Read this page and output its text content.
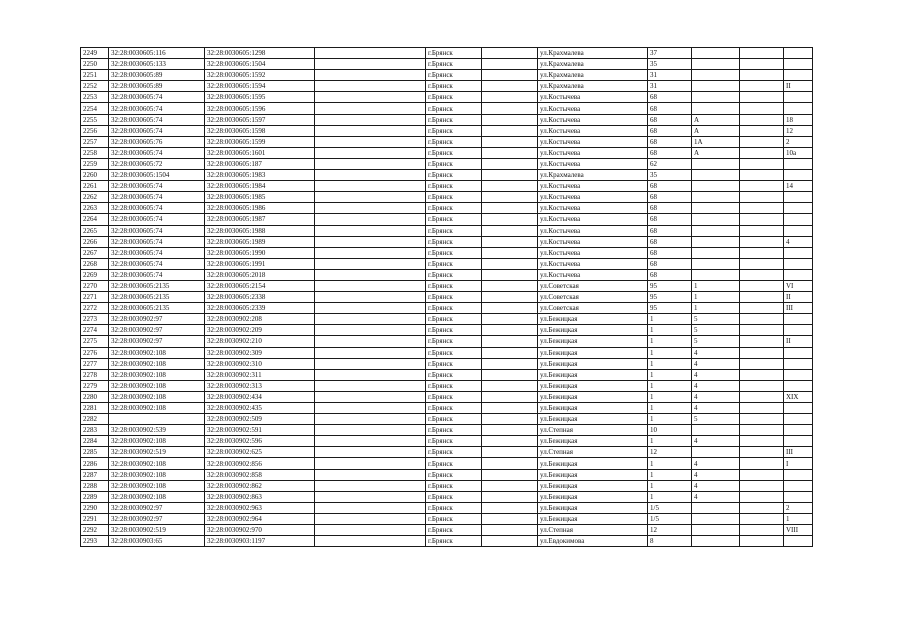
2249	32:28:0030605:116	32:28:0030605:1298		г.Брянск		ул.Крахмалева	37			
2250	32:28:0030605:133	32:28:0030605:1504		г.Брянск		ул.Крахмалева	35			
2251	32:28:0030605:89	32:28:0030605:1592		г.Брянск		ул.Крахмалева	31			
2252	32:28:0030605:89	32:28:0030605:1594		г.Брянск		ул.Крахмалева	31			II
2253	32:28:0030605:74	32:28:0030605:1595		г.Брянск		ул.Костычева	68			
2254	32:28:0030605:74	32:28:0030605:1596		г.Брянск		ул.Костычева	68			
2255	32:28:0030605:74	32:28:0030605:1597		г.Брянск		ул.Костычева	68	А		18
2256	32:28:0030605:74	32:28:0030605:1598		г.Брянск		ул.Костычева	68	А		12
2257	32:28:0030605:76	32:28:0030605:1599		г.Брянск		ул.Костычева	68	1А		2
2258	32:28:0030605:74	32:28:0030605:1601		г.Брянск		ул.Костычева	68	А		10а
2259	32:28:0030605:72	32:28:0030605:187		г.Брянск		ул.Костычева	62			
2260	32:28:0030605:1504	32:28:0030605:1983		г.Брянск		ул.Крахмалева	35			
2261	32:28:0030605:74	32:28:0030605:1984		г.Брянск		ул.Костычева	68			14
2262	32:28:0030605:74	32:28:0030605:1985		г.Брянск		ул.Костычева	68			
2263	32:28:0030605:74	32:28:0030605:1986		г.Брянск		ул.Костычева	68			
2264	32:28:0030605:74	32:28:0030605:1987		г.Брянск		ул.Костычева	68			
2265	32:28:0030605:74	32:28:0030605:1988		г.Брянск		ул.Костычева	68			
2266	32:28:0030605:74	32:28:0030605:1989		г.Брянск		ул.Костычева	68			4
2267	32:28:0030605:74	32:28:0030605:1990		г.Брянск		ул.Костычева	68			
2268	32:28:0030605:74	32:28:0030605:1991		г.Брянск		ул.Костычева	68			
2269	32:28:0030605:74	32:28:0030605:2018		г.Брянск		ул.Костычева	68			
2270	32:28:0030605:2135	32:28:0030605:2154		г.Брянск		ул.Советская	95	1		VI
2271	32:28:0030605:2135	32:28:0030605:2338		г.Брянск		ул.Советская	95	1		II
2272	32:28:0030605:2135	32:28:0030605:2339		г.Брянск		ул.Советская	95	1		III
2273	32:28:0030902:97	32:28:0030902:208		г.Брянск		ул.Бежицкая	1	5		
2274	32:28:0030902:97	32:28:0030902:209		г.Брянск		ул.Бежицкая	1	5		
2275	32:28:0030902:97	32:28:0030902:210		г.Брянск		ул.Бежицкая	1	5		II
2276	32:28:0030902:108	32:28:0030902:309		г.Брянск		ул.Бежицкая	1	4		
2277	32:28:0030902:108	32:28:0030902:310		г.Брянск		ул.Бежицкая	1	4		
2278	32:28:0030902:108	32:28:0030902:311		г.Брянск		ул.Бежицкая	1	4		
2279	32:28:0030902:108	32:28:0030902:313		г.Брянск		ул.Бежицкая	1	4		
2280	32:28:0030902:108	32:28:0030902:434		г.Брянск		ул.Бежицкая	1	4		XIX
2281	32:28:0030902:108	32:28:0030902:435		г.Брянск		ул.Бежицкая	1	4		
2282		32:28:0030902:509		г.Брянск		ул.Бежицкая	1	5		
2283	32:28:0030902:539	32:28:0030902:591		г.Брянск		ул.Степная	10			
2284	32:28:0030902:108	32:28:0030902:596		г.Брянск		ул.Бежицкая	1	4		
2285	32:28:0030902:519	32:28:0030902:625		г.Брянск		ул.Степная	12			III
2286	32:28:0030902:108	32:28:0030902:856		г.Брянск		ул.Бежицкая	1	4		I
2287	32:28:0030902:108	32:28:0030902:858		г.Брянск		ул.Бежицкая	1	4		
2288	32:28:0030902:108	32:28:0030902:862		г.Брянск		ул.Бежицкая	1	4		
2289	32:28:0030902:108	32:28:0030902:863		г.Брянск		ул.Бежицкая	1	4		
2290	32:28:0030902:97	32:28:0030902:963		г.Брянск		ул.Бежицкая	1/5			2
2291	32:28:0030902:97	32:28:0030902:964		г.Брянск		ул.Бежицкая	1/5			1
2292	32:28:0030902:519	32:28:0030902:970		г.Брянск		ул.Степная	12			VIII
2293	32:28:0030903:65	32:28:0030903:1197		г.Брянск		ул.Евдокимова	8			
